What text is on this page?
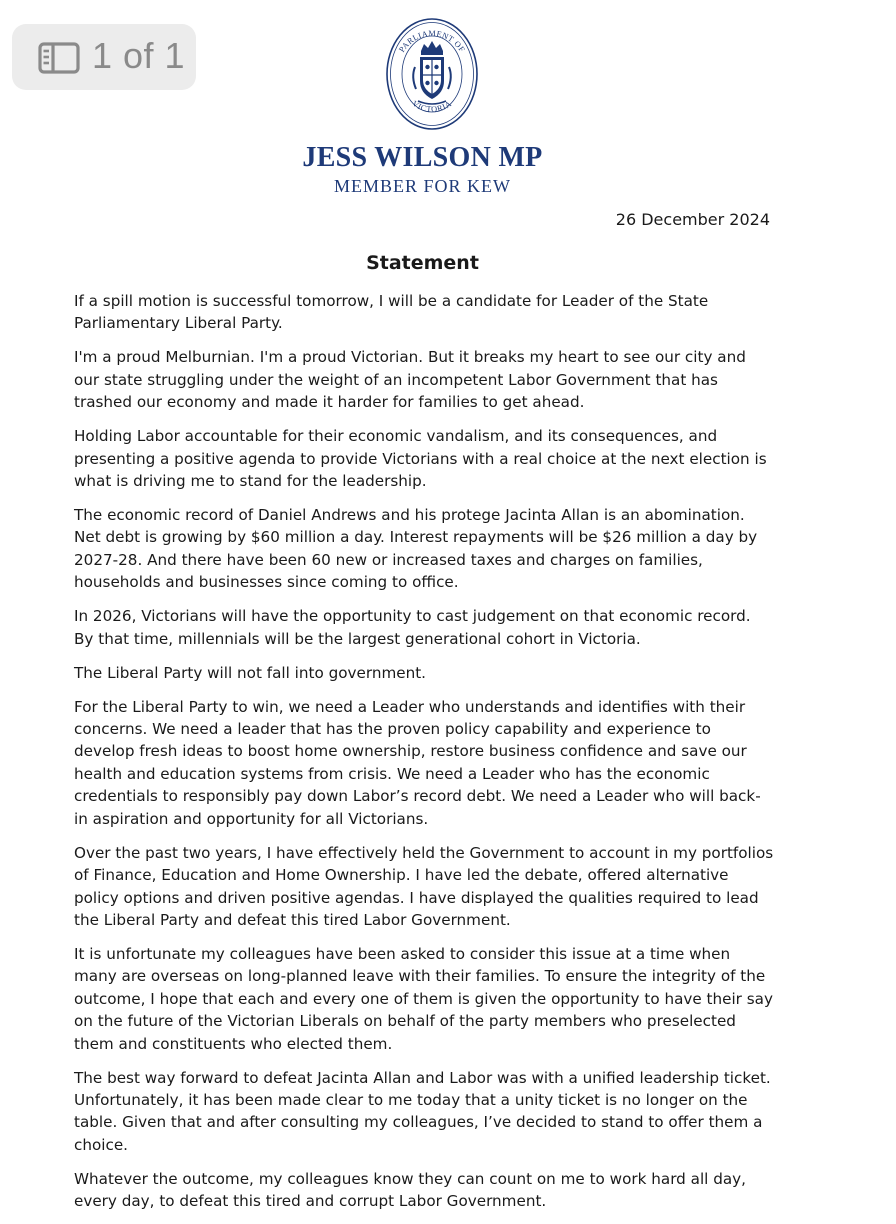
1 of 1	PARLIAMENT OF
VICTORIA
JESS WILSON MP
MEMBER FOR KEW
26 December 2024
Statement

If a spill motion is successful tomorrow, I will be a candidate for Leader of the State Parliamentary Liberal Party.

I'm a proud Melburnian. I'm a proud Victorian. But it breaks my heart to see our city and our state struggling under the weight of an incompetent Labor Government that has trashed our economy and made it harder for families to get ahead.

Holding Labor accountable for their economic vandalism, and its consequences, and presenting a positive agenda to provide Victorians with a real choice at the next election is what is driving me to stand for the leadership.

The economic record of Daniel Andrews and his protege Jacinta Allan is an abomination. Net debt is growing by $60 million a day. Interest repayments will be $26 million a day by 2027-28. And there have been 60 new or increased taxes and charges on families, households and businesses since coming to office.

In 2026, Victorians will have the opportunity to cast judgement on that economic record. By that time, millennials will be the largest generational cohort in Victoria.

The Liberal Party will not fall into government.

For the Liberal Party to win, we need a Leader who understands and identifies with their concerns. We need a leader that has the proven policy capability and experience to develop fresh ideas to boost home ownership, restore business confidence and save our health and education systems from crisis. We need a Leader who has the economic credentials to responsibly pay down Labor’s record debt. We need a Leader who will back-in aspiration and opportunity for all Victorians.

Over the past two years, I have effectively held the Government to account in my portfolios of Finance, Education and Home Ownership. I have led the debate, offered alternative policy options and driven positive agendas. I have displayed the qualities required to lead the Liberal Party and defeat this tired Labor Government.

It is unfortunate my colleagues have been asked to consider this issue at a time when many are overseas on long-planned leave with their families. To ensure the integrity of the outcome, I hope that each and every one of them is given the opportunity to have their say on the future of the Victorian Liberals on behalf of the party members who preselected them and constituents who elected them.

The best way forward to defeat Jacinta Allan and Labor was with a unified leadership ticket. Unfortunately, it has been made clear to me today that a unity ticket is no longer on the table. Given that and after consulting my colleagues, I’ve decided to stand to offer them a choice.

Whatever the outcome, my colleagues know they can count on me to work hard all day, every day, to defeat this tired and corrupt Labor Government.
